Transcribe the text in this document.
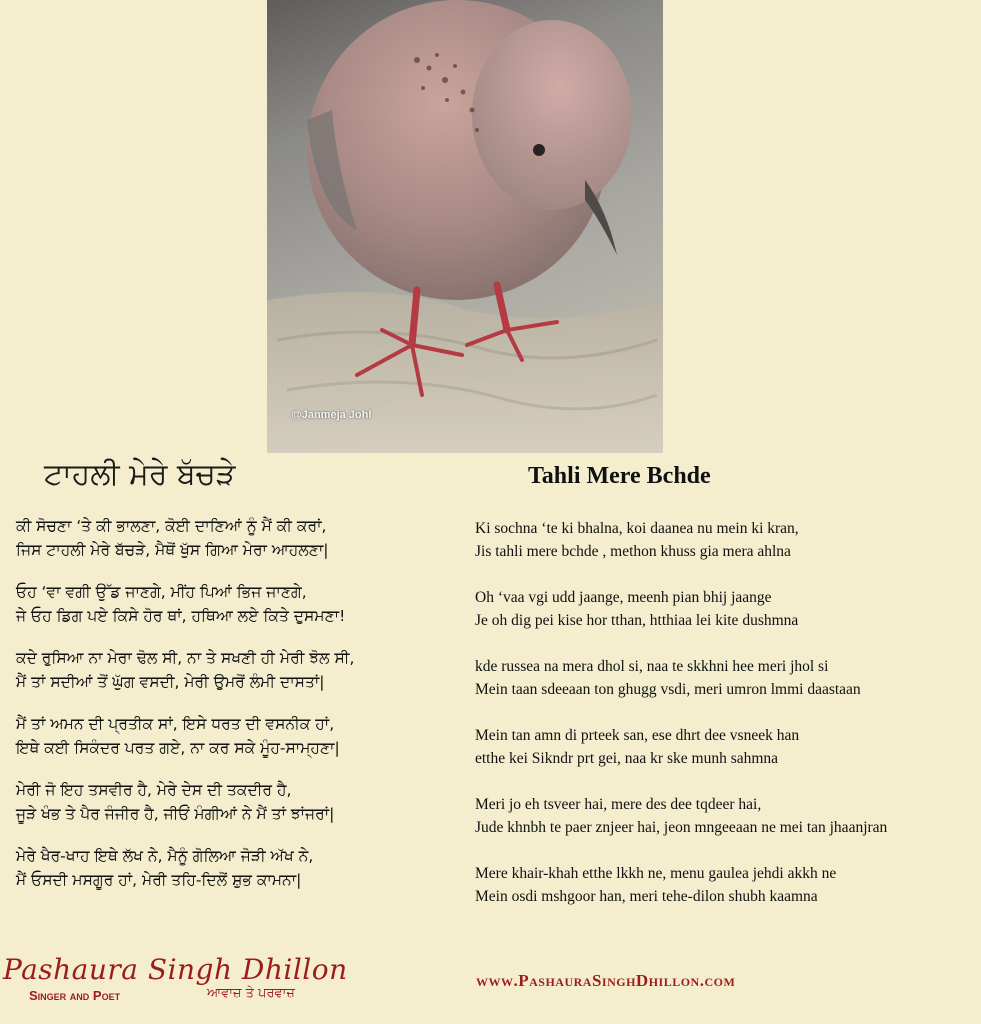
@Janmeja Johl
ਟਾਹਲੀ ਮੇਰੇ ਬੱਚੜੇ	Tahli Mere Bchde
ਕੀ ਸੋਚਣਾ ‘ਤੇ ਕੀ ਭਾਲਣਾ, ਕੋਈ ਦਾਣਿਆਂ ਨੂੰ ਮੈਂ ਕੀ ਕਰਾਂ,
ਜਿਸ ਟਾਹਲੀ ਮੇਰੇ ਬੱਚੜੇ, ਮੈਥੋਂ ਖੁੱਸ ਗਿਆ ਮੇਰਾ ਆਹਲਣਾ|
ਓਹ ‘ਵਾ ਵਗੀ ਉੱਡ ਜਾਣਗੇ, ਮੀਂਹ ਪਿਆਂ ਭਿਜ ਜਾਣਗੇ,
ਜੇ ਓਹ ਡਿਗ ਪਏ ਕਿਸੇ ਹੋਰ ਥਾਂ, ਹਥਿਆ ਲਏ ਕਿਤੇ ਦੁਸਮਣਾ!
ਕਦੇ ਰੁਸਿਆ ਨਾ ਮੇਰਾ ਢੋਲ ਸੀ, ਨਾ ਤੇ ਸਖਣੀ ਹੀ ਮੇਰੀ ਝੋਲ ਸੀ,
ਮੈਂ ਤਾਂ ਸਦੀਆਂ ਤੋਂ ਘੁੱਗ ਵਸਦੀ, ਮੇਰੀ ਉਮਰੋਂ ਲੰਮੀ ਦਾਸਤਾਂ|
ਮੈਂ ਤਾਂ ਅਮਨ ਦੀ ਪ੍ਰਤੀਕ ਸਾਂ, ਇਸੇ ਧਰਤ ਦੀ ਵਸਨੀਕ ਹਾਂ,
ਇਥੇ ਕਈ ਸਿਕੰਦਰ ਪਰਤ ਗਏ, ਨਾ ਕਰ ਸਕੇ ਮੂੰਹ-ਸਾਮ੍ਹਣਾ|
ਮੇਰੀ ਜੋ ਇਹ ਤਸਵੀਰ ਹੈ, ਮੇਰੇ ਦੇਸ ਦੀ ਤਕਦੀਰ ਹੈ,
ਜੂੜੇ ਖੰਭ ਤੇ ਪੈਰ ਜੰਜੀਰ ਹੈ, ਜੀਓਂ ਮੰਗੀਆਂ ਨੇ ਮੈਂ ਤਾਂ ਝਾਂਜਰਾਂ|
ਮੇਰੇ ਖੈਰ-ਖਾਹ ਇਥੇ ਲੱਖ ਨੇ, ਮੈਨੂੰ ਗੋਲਿਆ ਜੋੜੀ ਅੱਖ ਨੇ,
ਮੈਂ ਓਸਦੀ ਮਸਗੂਰ ਹਾਂ, ਮੇਰੀ ਤਹਿ-ਦਿਲੋਂ ਸ਼ੁਭ ਕਾਮਨਾ|
Ki sochna ‘te ki bhalna, koi daanea nu mein ki kran,
Jis tahli mere bchde , methon khuss gia mera ahlna
Oh ‘vaa vgi udd jaange, meenh pian bhij jaange
Je oh dig pei kise hor tthan, htthiaa lei kite dushmna
kde russea na mera dhol si, naa te skkhni hee meri jhol si
Mein taan sdeeaan ton ghugg vsdi, meri umron lmmi daastaan
Mein tan amn di prteek san, ese dhrt dee vsneek han
etthe kei Sikndr prt gei, naa kr ske munh sahmna
Meri jo eh tsveer hai, mere des dee tqdeer hai,
Jude khnbh te paer znjeer hai, jeon mngeeaan ne mei tan jhaanjran
Mere khair-khah etthe lkkh ne, menu gaulea jehdi akkh ne
Mein osdi mshgoor han, meri tehe-dilon shubh kaamna
Pashaura Singh Dhillon
Singer and Poet	ਆਵਾਜ਼ ਤੇ ਪਰਵਾਜ਼
www.PashauraSinghDhillon.com
